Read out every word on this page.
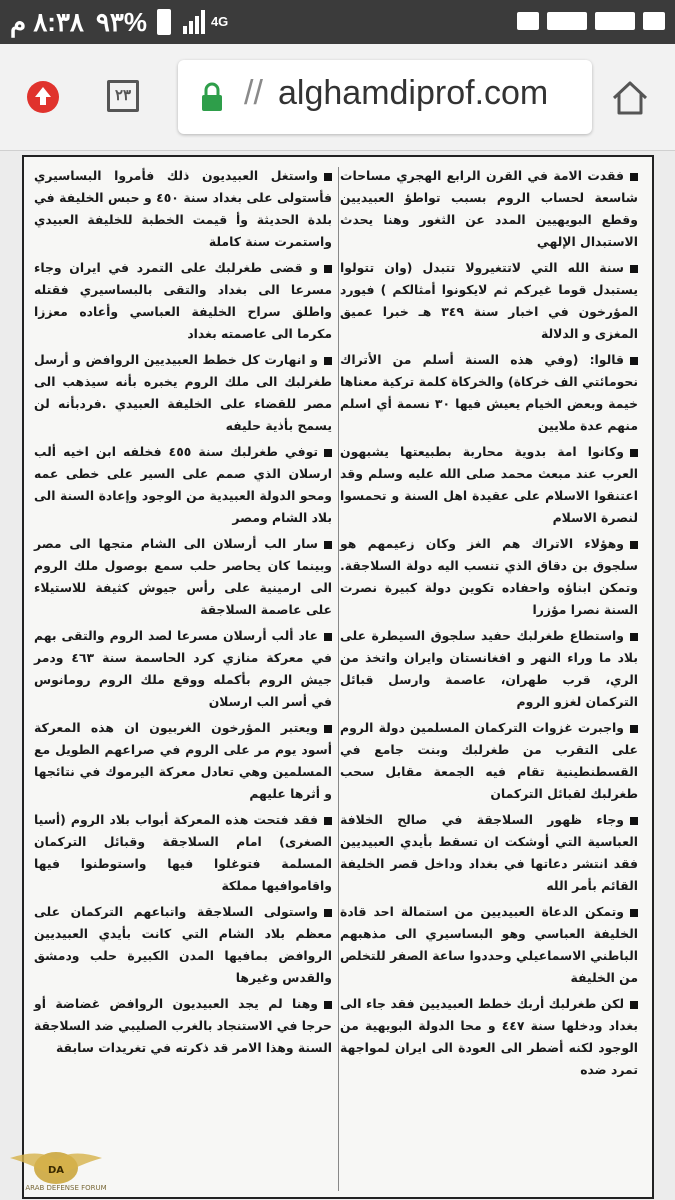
٨:٣٨ م %٩٣	4G
٢٣	// alghamdiprof.com

فقدت الامة في القرن الرابع الهجري مساحات شاسعة لحساب الروم بسبب تواطؤ العبيديين وقطع البويهيين المدد عن الثغور وهنا يحدث الاستبدال الإلهي

سنة الله التي لاتتغيرولا تتبدل (وان تتولوا يستبدل قوما غيركم ثم لايكونوا أمثالكم ) فيورد المؤرخون في اخبار سنة ٣٤٩ هـ خبرا عميق المغزى و الدلالة

قالوا: (وفي هذه السنة أسلم من الأتراك نحومائتي الف خركاة) والخركاة كلمة تركية معناها خيمة وبعض الخيام يعيش فيها ٣٠ نسمة أي اسلم منهم عدة ملايين

وكانوا امة بدوية محاربة بطبيعتها يشبهون العرب عند مبعث محمد صلى الله عليه وسلم وقد اعتنقوا الاسلام على عقيدة اهل السنة و تحمسوا لنصرة الاسلام

وهؤلاء الاتراك هم الغز وكان زعيمهم هو سلجوق بن دقاق الذي تنسب اليه دولة السلاجقة. وتمكن ابناؤه واحفاده تكوين دولة كبيرة نصرت السنة نصرا مؤزرا

واستطاع طغرلبك حفيد سلجوق السيطرة على بلاد ما وراء النهر و افغانستان وايران واتخذ من الري، قرب طهران، عاصمة وارسل قبائل التركمان لغزو الروم

واجبرت غزوات التركمان المسلمين دولة الروم على التقرب من طغرلبك وبنت جامع في القسطنطينية تقام فيه الجمعة مقابل سحب طغرلبك لقبائل التركمان

وجاء ظهور السلاجقة في صالح الخلافة العباسية التي أوشكت ان تسقط بأيدي العبيديين فقد انتشر دعاتها في بغداد وداخل قصر الخليفة القائم بأمر الله

وتمكن الدعاة العبيديين من استمالة احد قادة الخليفة العباسي وهو البساسيري الى مذهبهم الباطني الاسماعيلي وحددوا ساعة الصفر للتخلص من الخليفة

لكن طغرلبك أربك خطط العبيديين فقد جاء الى بغداد ودخلها سنة ٤٤٧ و محا الدولة البويهية من الوجود لكنه أضطر الى العودة الى ايران لمواجهة تمرد ضده

واستغل العبيديون ذلك فأمروا البساسيري فأستولى على بغداد سنة ٤٥٠ و حبس الخليفة في بلدة الحديثة وأ قيمت الخطبة للخليفة العبيدي واستمرت سنة كاملة

و قضى طغرلبك على التمرد في ايران وجاء مسرعا الى بغداد والتقى بالبساسيري فقتله واطلق سراح الخليفة العباسي وأعاده معززا مكرما الى عاصمته بغداد

و انهارت كل خطط العبيديين الروافض و أرسل طغرلبك الى ملك الروم يخبره بأنه سيذهب الى مصر للقضاء على الخليفة العبيدي .فردبأنه لن يسمح بأذية حليفه

توفي طغرلبك سنة ٤٥٥ فخلفه ابن اخيه ألب ارسلان الذي صمم على السير على خطى عمه ومحو الدولة العبيدية من الوجود وإعادة السنة الى بلاد الشام ومصر

سار الب أرسلان الى الشام متجها الى مصر وبينما كان يحاصر حلب سمع بوصول ملك الروم الى ارمينية على رأس جيوش كثيفة للاستيلاء على عاصمة السلاجقة

عاد ألب أرسلان مسرعا لصد الروم والتقى بهم في معركة منازي كرد الحاسمة سنة ٤٦٣ ودمر جيش الروم بأكمله ووقع ملك الروم رومانوس في أسر الب ارسلان

ويعتبر المؤرخون الغربيون ان هذه المعركة أسود يوم مر على الروم في صراعهم الطويل مع المسلمين وهي تعادل معركة اليرموك في نتائجها و أثرها عليهم

فقد فتحت هذه المعركة أبواب بلاد الروم (أسيا الصغرى) امام السلاجقة وقبائل التركمان المسلمة فتوغلوا فيها واستوطنوا فيها واقاموافيها مملكة

واستولى السلاجقة واتباعهم التركمان على معظم بلاد الشام التي كانت بأيدي العبيديين الروافض بمافيها المدن الكبيرة حلب ودمشق والقدس وغيرها

وهنا لم يجد العبيديون الروافض غضاضة أو حرجا في الاستنجاد بالغرب الصليبي ضد السلاجقة السنة وهذا الامر قد ذكرته في تغريدات سابقة

DA
ARAB DEFENSE FORUM
